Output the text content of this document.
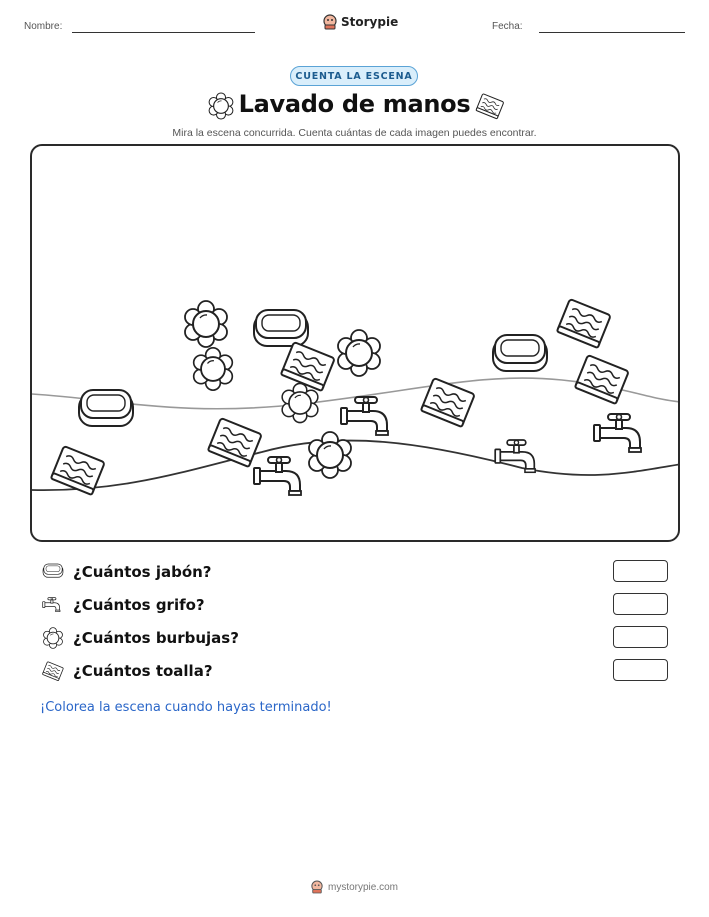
Nombre:	Storypie	Fecha:
CUENTA LA ESCENA
Lavado de manos
Mira la escena concurrida. Cuenta cuántas de cada imagen puedes encontrar.
¿Cuántos jabón?
¿Cuántos grifo?
¿Cuántos burbujas?
¿Cuántos toalla?
¡Colorea la escena cuando hayas terminado!
mystorypie.com
